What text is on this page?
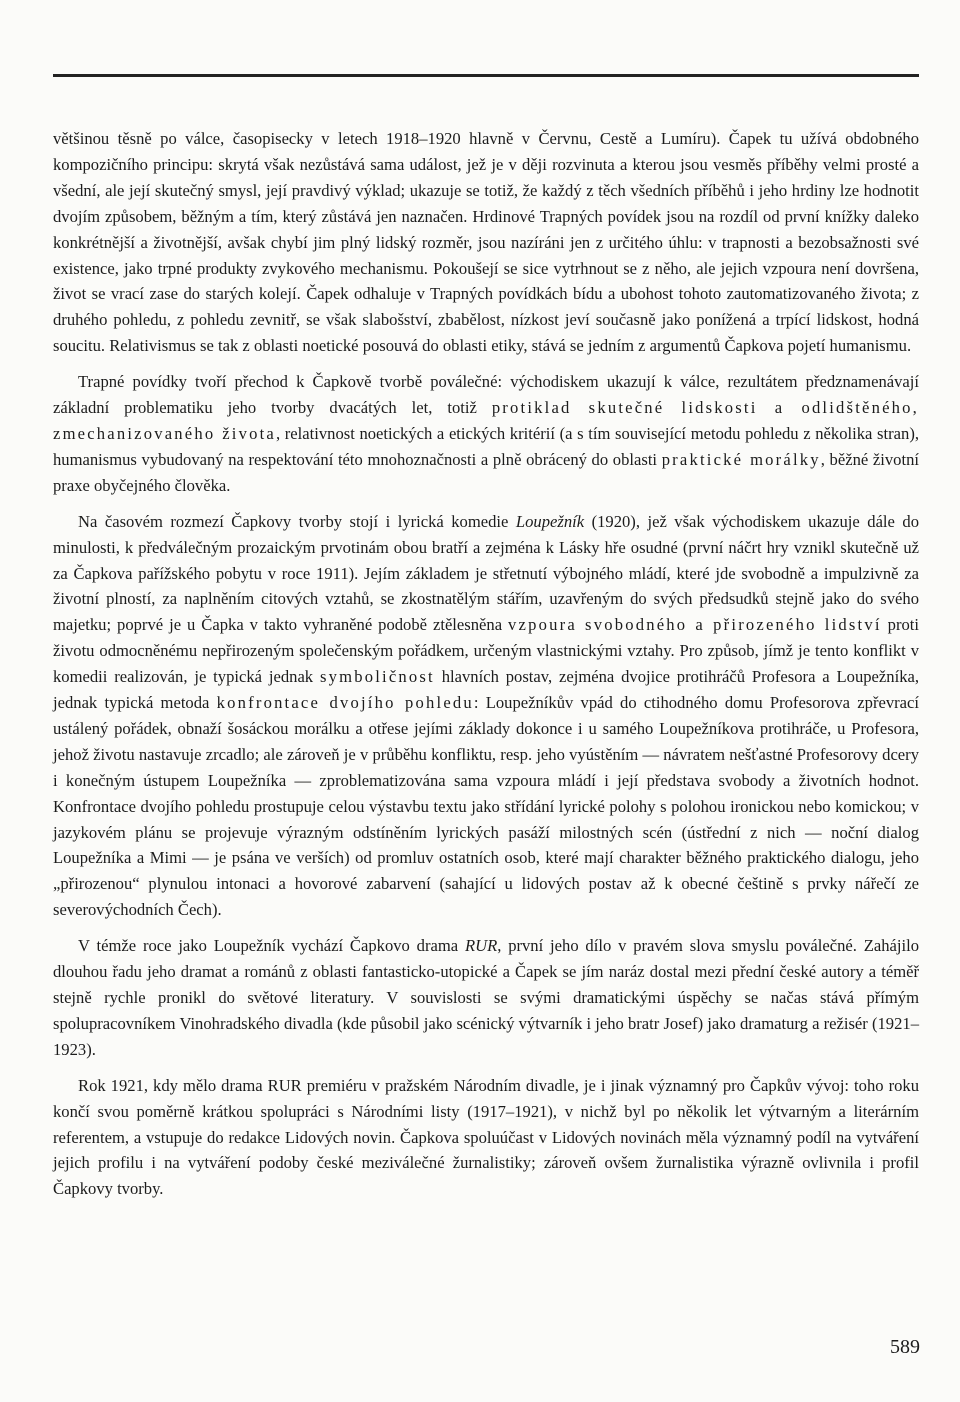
většinou těsně po válce, časopisecky v letech 1918–1920 hlavně v Červnu, Cestě a Lumíru). Čapek tu užívá obdobného kompozičního principu: skrytá však nezůstává sama událost, jež je v ději rozvinuta a kterou jsou vesměs příběhy velmi prosté a všední, ale její skutečný smysl, její pravdivý výklad; ukazuje se totiž, že každý z těch všedních příběhů i jeho hrdiny lze hodnotit dvojím způsobem, běžným a tím, který zůstává jen naznačen. Hrdinové Trapných povídek jsou na rozdíl od první knížky daleko konkrétnější a životnější, avšak chybí jim plný lidský rozměr, jsou nazíráni jen z určitého úhlu: v trapnosti a bezobsažnosti své existence, jako trpné produkty zvykového mechanismu. Pokoušejí se sice vytrhnout se z něho, ale jejich vzpoura není dovršena, život se vrací zase do starých kolejí. Čapek odhaluje v Trapných povídkách bídu a ubohost tohoto zautomatizovaného života; z druhého pohledu, z pohledu zevnitř, se však slabošství, zbabělost, nízkost jeví současně jako ponížená a trpící lidskost, hodná soucitu. Relativismus se tak z oblasti noetické posouvá do oblasti etiky, stává se jedním z argumentů Čapkova pojetí humanismu.

Trapné povídky tvoří přechod k Čapkově tvorbě poválečné: východiskem ukazují k válce, rezultátem předznamenávají základní problematiku jeho tvorby dvacátých let, totiž protiklad skutečné lidskosti a odlidštěného, zmechanizovaného života, relativnost noetických a etických kritérií (a s tím související metodu pohledu z několika stran), humanismus vybudovaný na respektování této mnohoznačnosti a plně obrácený do oblasti praktické morálky, běžné životní praxe obyčejného člověka.

Na časovém rozmezí Čapkovy tvorby stojí i lyrická komedie Loupežník (1920), jež však východiskem ukazuje dále do minulosti, k předválečným prozaickým prvotinám obou bratří a zejména k Lásky hře osudné (první náčrt hry vznikl skutečně už za Čapkova pařížského pobytu v roce 1911). Jejím základem je střetnutí výbojného mládí, které jde svobodně a impulzivně za životní plností, za naplněním citových vztahů, se zkostnatělým stářím, uzavřeným do svých předsudků stejně jako do svého majetku; poprvé je u Čapka v takto vyhraněné podobě ztělesněna vzpoura svobodného a přirozeného lidství proti životu odmocněnému nepřirozeným společenským pořádkem, určeným vlastnickými vztahy. Pro způsob, jímž je tento konflikt v komedii realizován, je typická jednak symboličnost hlavních postav, zejména dvojice protihráčů Profesora a Loupežníka, jednak typická metoda konfrontace dvojího pohledu: Loupežníkův vpád do ctihodného domu Profesorova zpřevrací ustálený pořádek, obnaží šosáckou morálku a otřese jejími základy dokonce i u samého Loupežníkova protihráče, u Profesora, jehož životu nastavuje zrcadlo; ale zároveň je v průběhu konfliktu, resp. jeho vyústěním — návratem nešťastné Profesorovy dcery i konečným ústupem Loupežníka — zproblematizována sama vzpoura mládí i její představa svobody a životních hodnot. Konfrontace dvojího pohledu prostupuje celou výstavbu textu jako střídání lyrické polohy s polohou ironickou nebo komickou; v jazykovém plánu se projevuje výrazným odstíněním lyrických pasáží milostných scén (ústřední z nich — noční dialog Loupežníka a Mimi — je psána ve verších) od promluv ostatních osob, které mají charakter běžného praktického dialogu, jeho „přirozenou“ plynulou intonaci a hovorové zabarvení (sahající u lidových postav až k obecné češtině s prvky nářečí ze severovýchodních Čech).

V témže roce jako Loupežník vychází Čapkovo drama RUR, první jeho dílo v pravém slova smyslu poválečné. Zahájilo dlouhou řadu jeho dramat a románů z oblasti fantasticko-utopické a Čapek se jím naráz dostal mezi přední české autory a téměř stejně rychle pronikl do světové literatury. V souvislosti se svými dramatickými úspěchy se načas stává přímým spolupracovníkem Vinohradského divadla (kde působil jako scénický výtvarník i jeho bratr Josef) jako dramaturg a režisér (1921–1923).

Rok 1921, kdy mělo drama RUR premiéru v pražském Národním divadle, je i jinak významný pro Čapkův vývoj: toho roku končí svou poměrně krátkou spolupráci s Národními listy (1917–1921), v nichž byl po několik let výtvarným a literárním referentem, a vstupuje do redakce Lidových novin. Čapkova spoluúčast v Lidových novinách měla významný podíl na vytváření jejich profilu i na vytváření podoby české meziválečné žurnalistiky; zároveň ovšem žurnalistika výrazně ovlivnila i profil Čapkovy tvorby.

589
